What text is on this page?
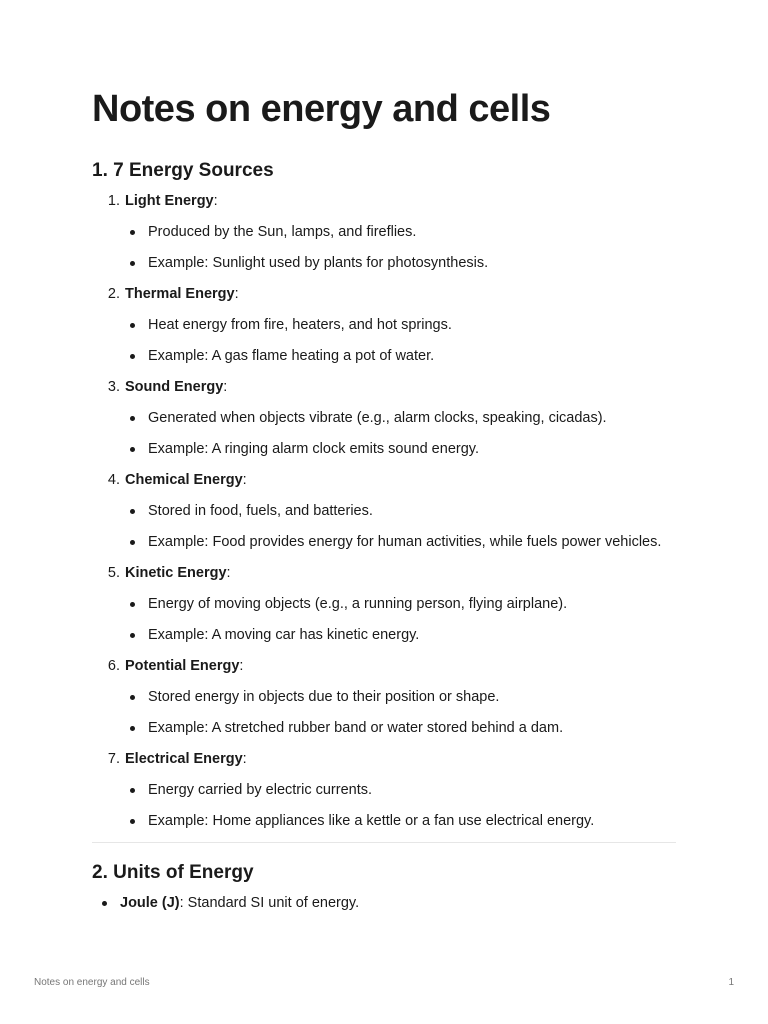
Notes on energy and cells
1. 7 Energy Sources
1. Light Energy :
Produced by the Sun, lamps, and fireflies.
Example: Sunlight used by plants for photosynthesis.
2. Thermal Energy :
Heat energy from fire, heaters, and hot springs.
Example: A gas flame heating a pot of water.
3. Sound Energy :
Generated when objects vibrate (e.g., alarm clocks, speaking, cicadas).
Example: A ringing alarm clock emits sound energy.
4. Chemical Energy :
Stored in food, fuels, and batteries.
Example: Food provides energy for human activities, while fuels power vehicles.
5. Kinetic Energy :
Energy of moving objects (e.g., a running person, flying airplane).
Example: A moving car has kinetic energy.
6. Potential Energy :
Stored energy in objects due to their position or shape.
Example: A stretched rubber band or water stored behind a dam.
7. Electrical Energy :
Energy carried by electric currents.
Example: Home appliances like a kettle or a fan use electrical energy.
2. Units of Energy
Joule (J): Standard SI unit of energy.
Notes on energy and cells	1
